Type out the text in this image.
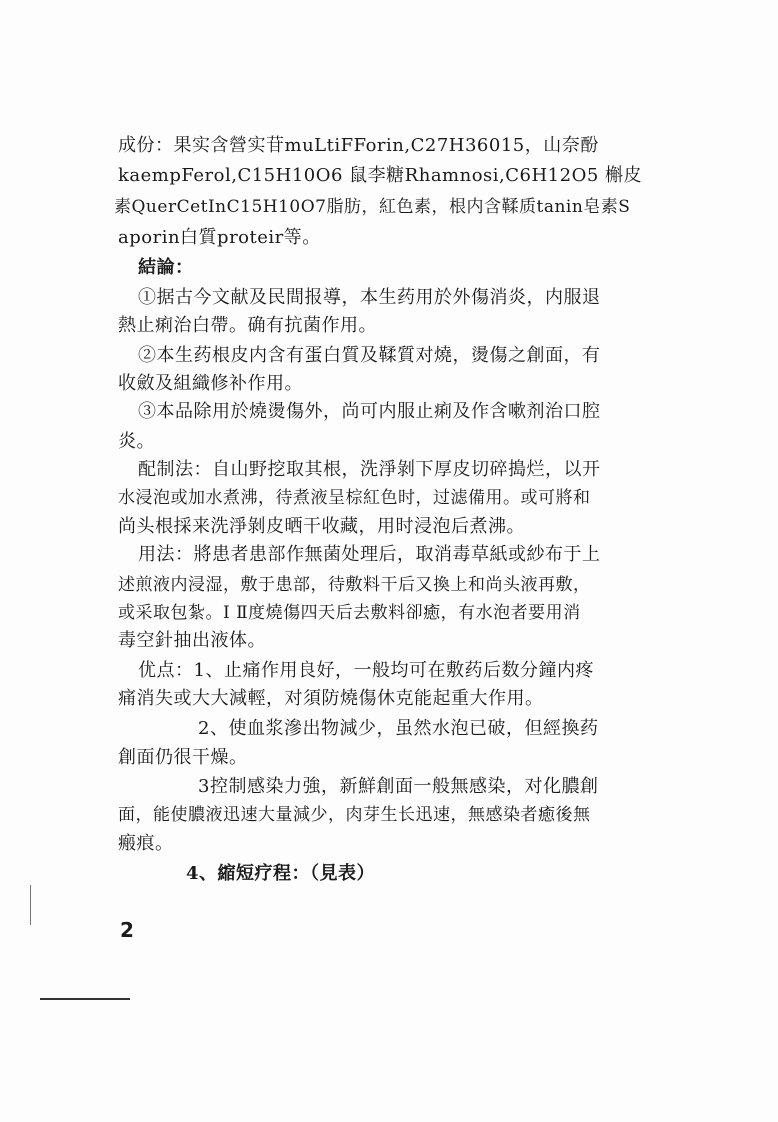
成份：果实含營实苷muLtiFForin,C27H36015，山奈酚
kaempFerol,C15H10O6 鼠李糖Rhamnosi,C6H12O5 槲皮
素QuerCetInC15H10O7脂肪，紅色素，根内含鞣质tanin皂素S
aporin白質proteir等。
結論：
①据古今文献及民間报導，本生药用於外傷消炎，内服退
熱止痢治白帶。确有抗菌作用。
②本生药根皮内含有蛋白質及鞣質对燒，燙傷之創面，有
收斂及組織修补作用。
③本品除用於燒燙傷外，尚可内服止痢及作含嗽剂治口腔
炎。
配制法：自山野挖取其根，洗淨剝下厚皮切碎搗烂，以开
水浸泡或加水煮沸，待煮液呈棕紅色时，过滤備用。或可將和
尚头根採来洗淨剝皮晒干收藏，用时浸泡后煮沸。
用法：將患者患部作無菌处理后，取消毒草紙或紗布于上
述煎液内浸湿，敷于患部，待敷料干后又換上和尚头液再敷，
或采取包紮。Ⅰ Ⅱ度燒傷四天后去敷料卻癒，有水泡者要用消
毒空針抽出液体。
优点：1、止痛作用良好，一般均可在敷药后数分鐘内疼
痛消失或大大減輕，对須防燒傷休克能起重大作用。
2、使血浆滲出物減少，虽然水泡已破，但經換药
創面仍很干燥。
3控制感染力強，新鮮創面一般無感染，对化膿創
面，能使膿液迅速大量減少，肉芽生长迅速，無感染者癒後無
瘢痕。
4、縮短疗程：（見表）
2
